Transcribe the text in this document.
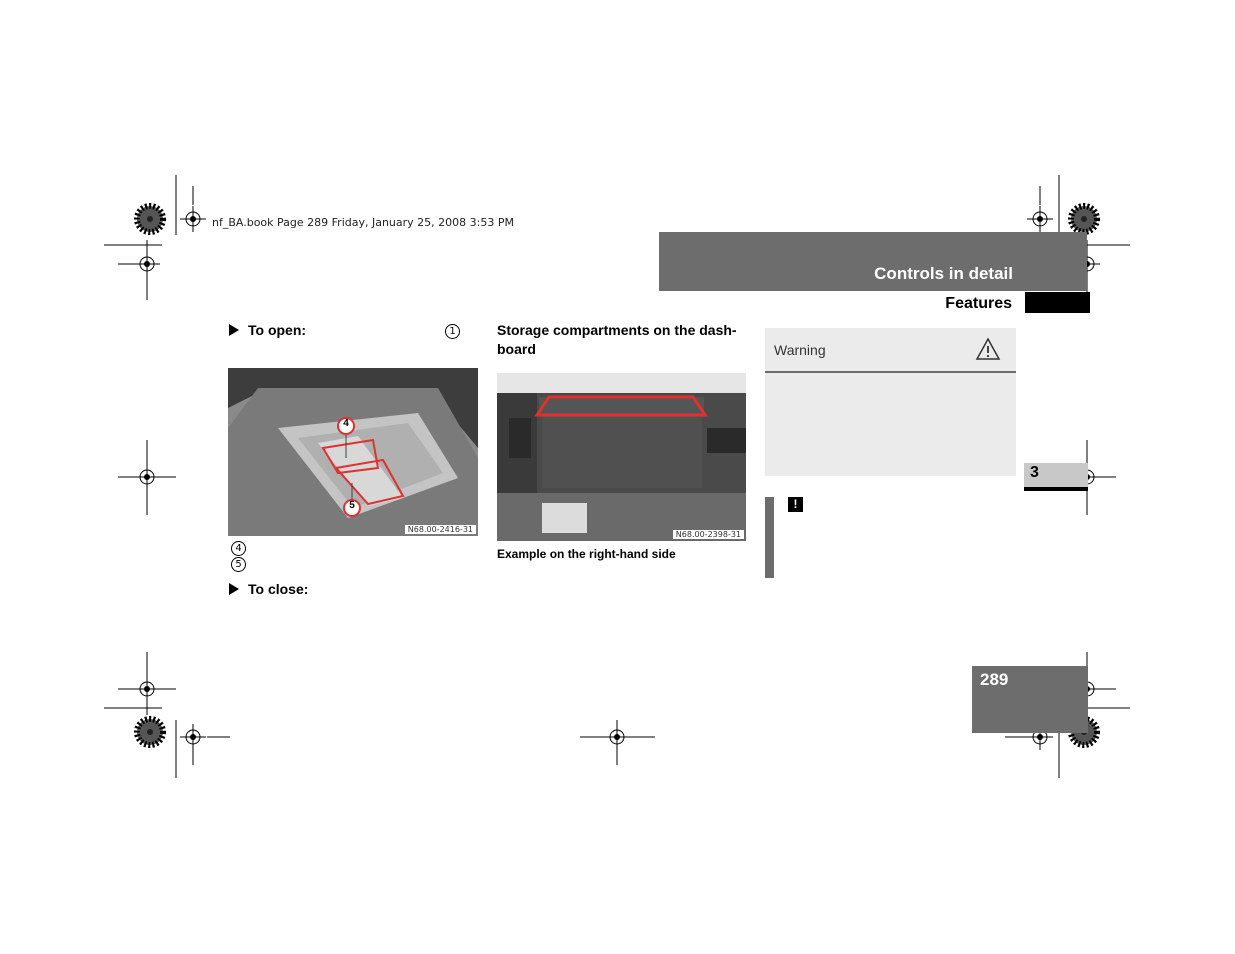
nf_BA.book Page 289 Friday, January 25, 2008 3:53 PM
Controls in detail
Features
To open:	1
4
5
N68.00-2416-31
4
5
To close:
Storage compartments on the dash-
board
N68.00-2398-31
Example on the right-hand side
Warning
!
3
289
